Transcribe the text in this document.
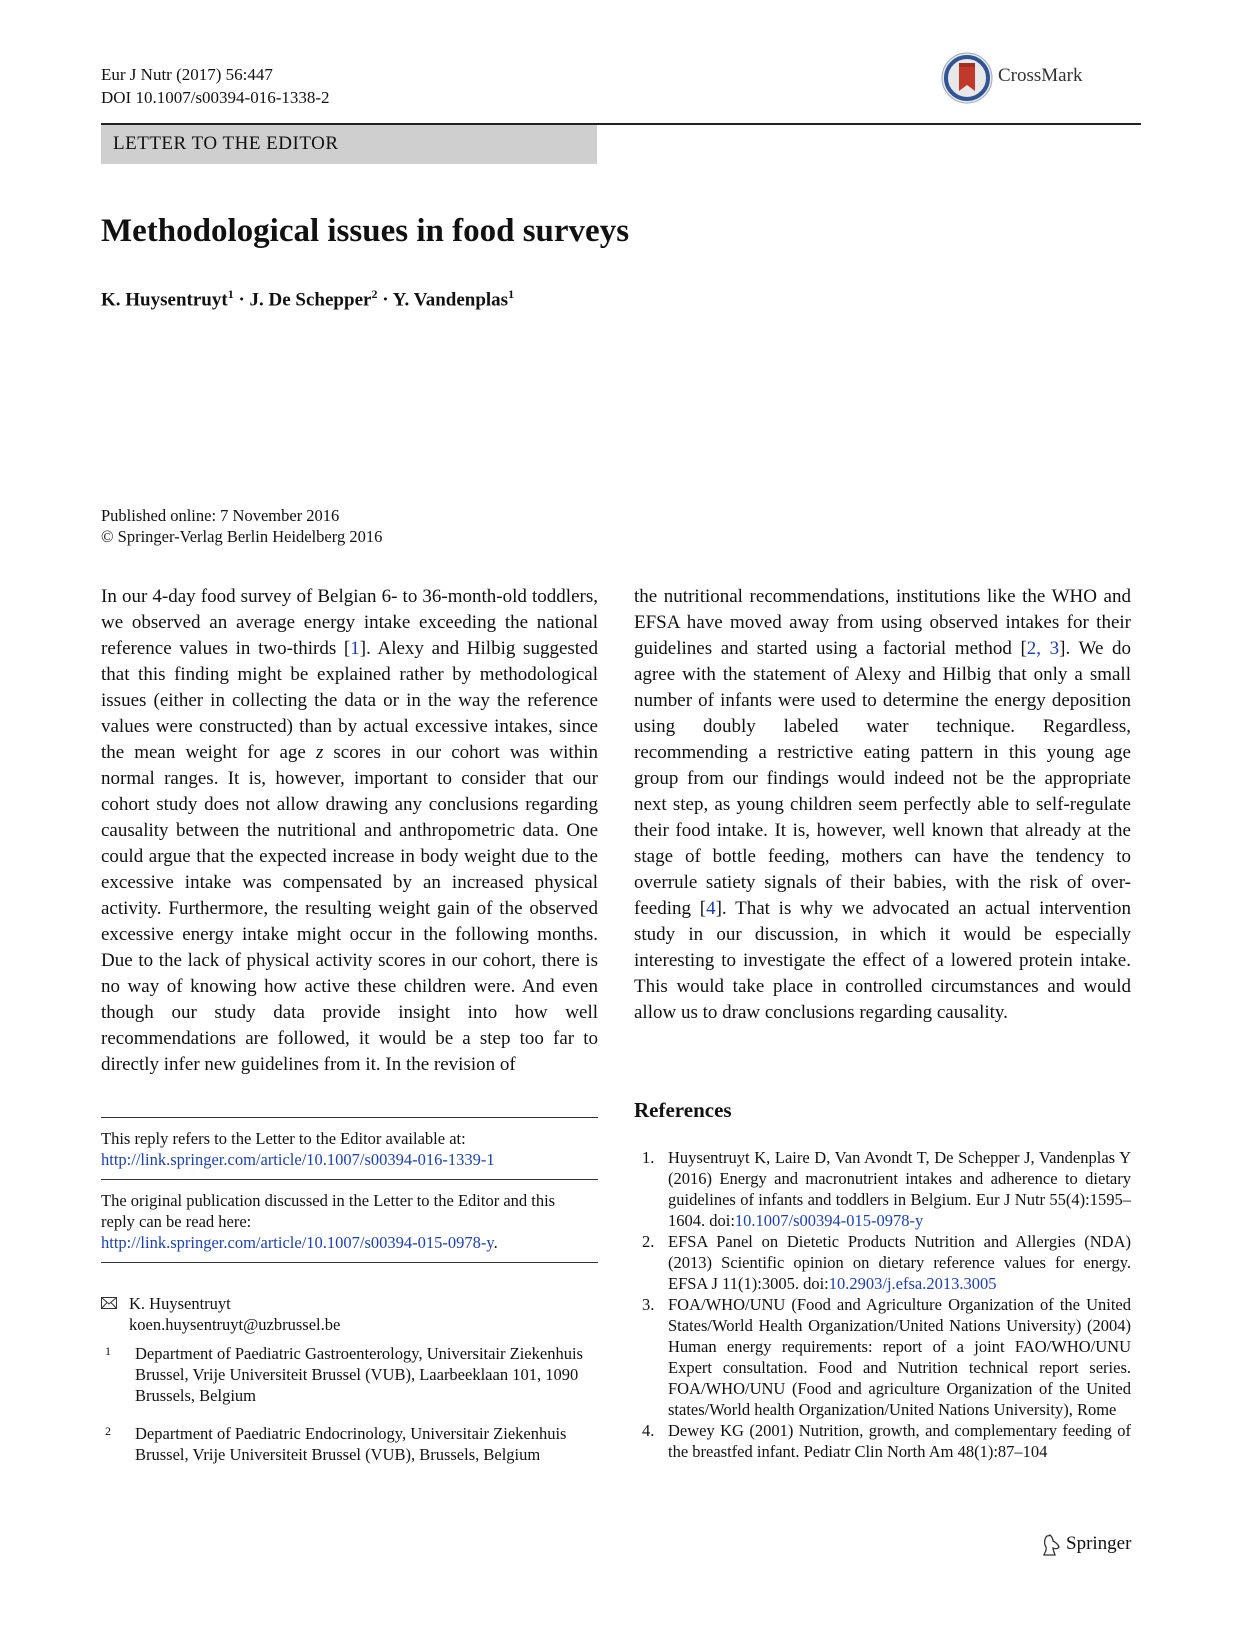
Eur J Nutr (2017) 56:447
DOI 10.1007/s00394-016-1338-2
CrossMark
LETTER TO THE EDITOR
Methodological issues in food surveys
K. Huysentruyt$^1$ · J. De Schepper$^2$ · Y. Vandenplas$^1$
Published online: 7 November 2016
© Springer-Verlag Berlin Heidelberg 2016
In our 4-day food survey of Belgian 6- to 36-month-old toddlers, we observed an average energy intake exceeding the national reference values in two-thirds [1]. Alexy and Hilbig suggested that this finding might be explained rather by methodological issues (either in collecting the data or in the way the reference values were constructed) than by actual excessive intakes, since the mean weight for age z scores in our cohort was within normal ranges. It is, however, important to consider that our cohort study does not allow drawing any conclusions regarding causality between the nutritional and anthropometric data. One could argue that the expected increase in body weight due to the excessive intake was compensated by an increased physical activity. Furthermore, the resulting weight gain of the observed excessive energy intake might occur in the following months. Due to the lack of physical activity scores in our cohort, there is no way of knowing how active these children were. And even though our study data provide insight into how well recommendations are followed, it would be a step too far to directly infer new guidelines from it. In the revision of
the nutritional recommendations, institutions like the WHO and EFSA have moved away from using observed intakes for their guidelines and started using a factorial method [2, 3]. We do agree with the statement of Alexy and Hilbig that only a small number of infants were used to determine the energy deposition using doubly labeled water technique. Regardless, recommending a restrictive eating pattern in this young age group from our findings would indeed not be the appropriate next step, as young children seem perfectly able to self-regulate their food intake. It is, however, well known that already at the stage of bottle feeding, mothers can have the tendency to overrule satiety signals of their babies, with the risk of over-feeding [4]. That is why we advocated an actual intervention study in our discussion, in which it would be especially interesting to investigate the effect of a lowered protein intake. This would take place in controlled circumstances and would allow us to draw conclusions regarding causality.
This reply refers to the Letter to the Editor available at: http://link.springer.com/article/10.1007/s00394-016-1339-1
The original publication discussed in the Letter to the Editor and this reply can be read here: http://link.springer.com/article/10.1007/s00394-015-0978-y.
K. Huysentruyt
koen.huysentruyt@uzbrussel.be
1 Department of Paediatric Gastroenterology, Universitair Ziekenhuis Brussel, Vrije Universiteit Brussel (VUB), Laarbeeklaan 101, 1090 Brussels, Belgium
2 Department of Paediatric Endocrinology, Universitair Ziekenhuis Brussel, Vrije Universiteit Brussel (VUB), Brussels, Belgium
References
1. Huysentruyt K, Laire D, Van Avondt T, De Schepper J, Vandenplas Y (2016) Energy and macronutrient intakes and adherence to dietary guidelines of infants and toddlers in Belgium. Eur J Nutr 55(4):1595–1604. doi:10.1007/s00394-015-0978-y
2. EFSA Panel on Dietetic Products Nutrition and Allergies (NDA) (2013) Scientific opinion on dietary reference values for energy. EFSA J 11(1):3005. doi:10.2903/j.efsa.2013.3005
3. FOA/WHO/UNU (Food and Agriculture Organization of the United States/World Health Organization/United Nations University) (2004) Human energy requirements: report of a joint FAO/WHO/UNU Expert consultation. Food and Nutrition technical report series. FOA/WHO/UNU (Food and agriculture Organization of the United states/World health Organization/United Nations University), Rome
4. Dewey KG (2001) Nutrition, growth, and complementary feeding of the breastfed infant. Pediatr Clin North Am 48(1):87–104
Springer
